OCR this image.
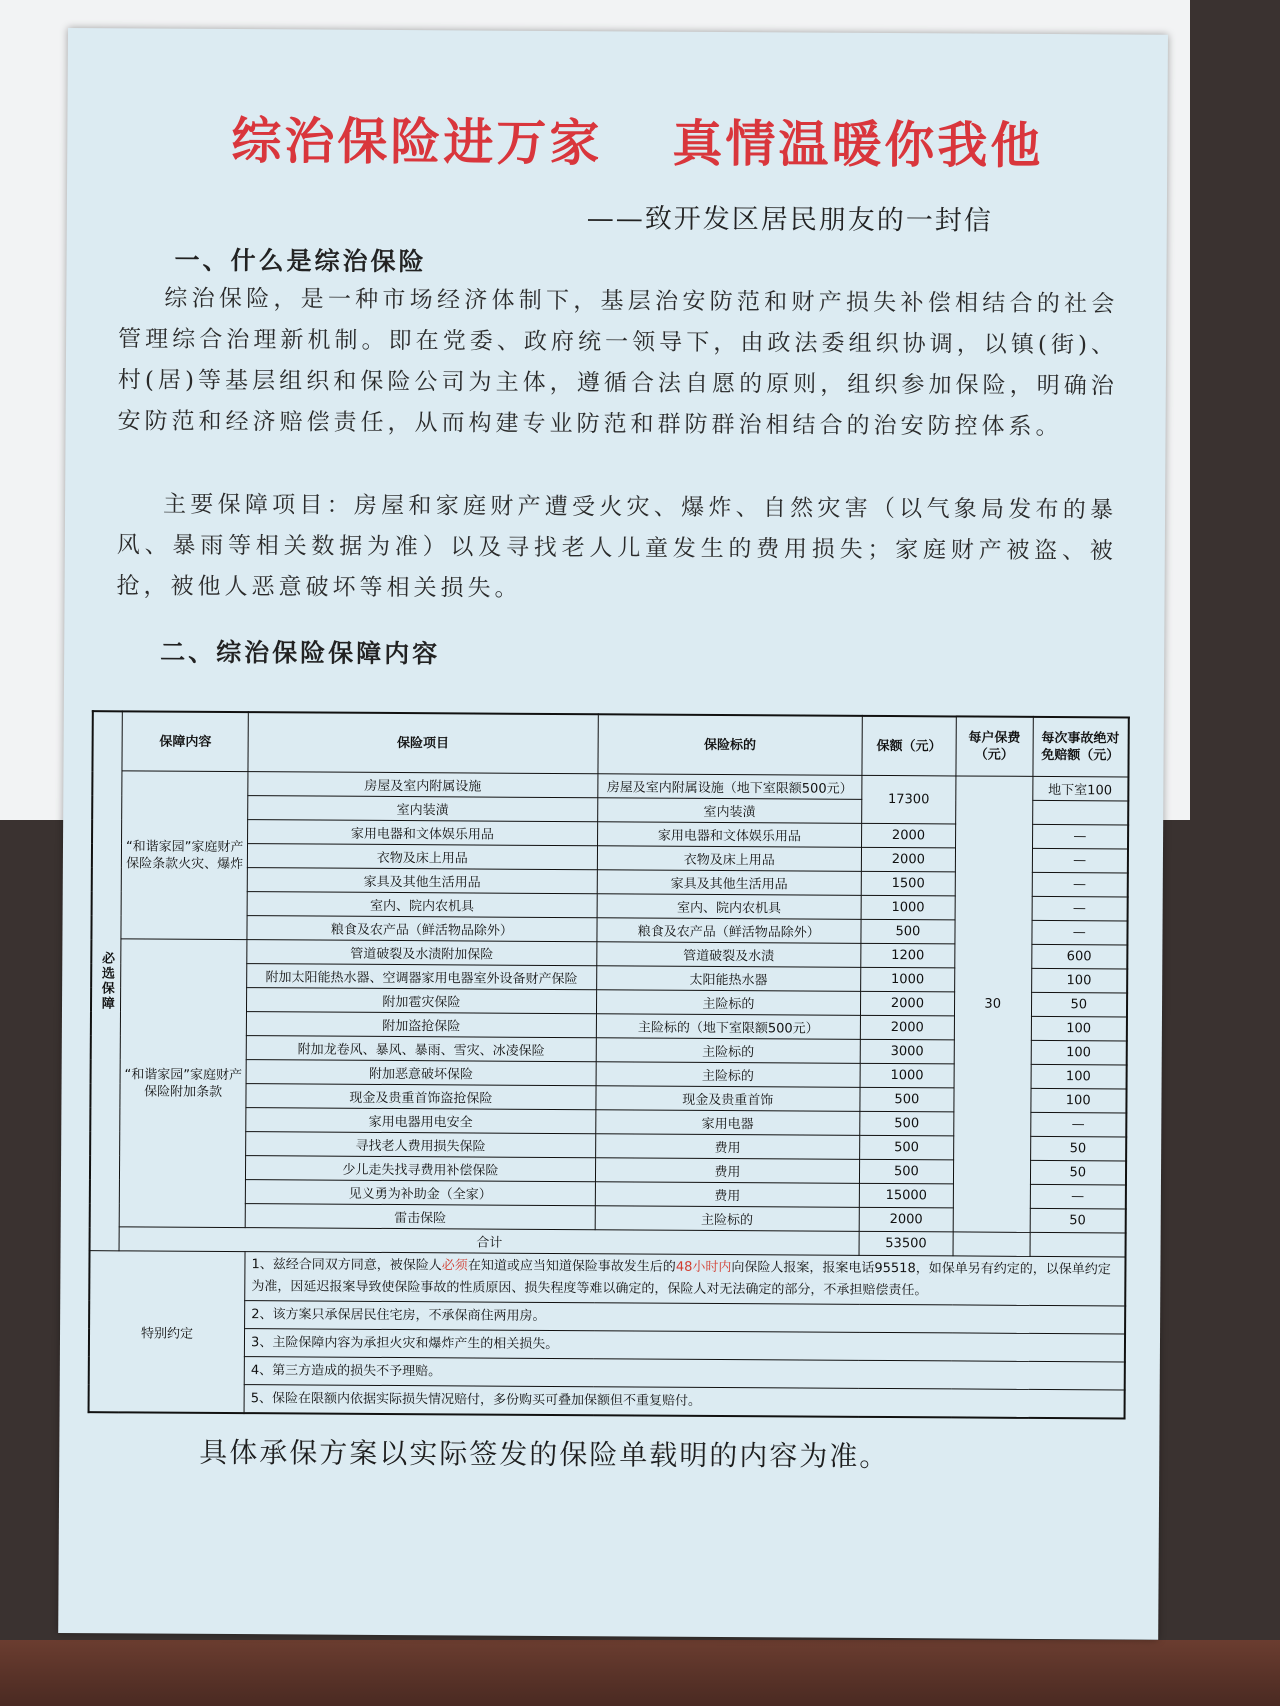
综治保险进万家 真情温暖你我他
——致开发区居民朋友的一封信
一、什么是综治保险
综治保险，是一种市场经济体制下，基层治安防范和财产损失补偿相结合的社会管理综合治理新机制。即在党委、政府统一领导下，由政法委组织协调，以镇(街)、村(居)等基层组织和保险公司为主体，遵循合法自愿的原则，组织参加保险，明确治安防范和经济赔偿责任，从而构建专业防范和群防群治相结合的治安防控体系。
主要保障项目：房屋和家庭财产遭受火灾、爆炸、自然灾害（以气象局发布的暴风、暴雨等相关数据为准）以及寻找老人儿童发生的费用损失；家庭财产被盗、被抢，被他人恶意破坏等相关损失。
二、综治保险保障内容
必选保障	保障内容	保险项目	保险标的	保额（元）	每户保费（元）	每次事故绝对免赔额（元）
	“和谐家园”家庭财产保险条款火灾、爆炸	房屋及室内附属设施	房屋及室内附属设施（地下室限额500元）	17300	30	地下室100
		室内装潢	室内装潢			
		家用电器和文体娱乐用品	家用电器和文体娱乐用品	2000		—
		衣物及床上用品	衣物及床上用品	2000		—
		家具及其他生活用品	家具及其他生活用品	1500		—
		室内、院内农机具	室内、院内农机具	1000		—
		粮食及农产品（鲜活物品除外）	粮食及农产品（鲜活物品除外）	500		—
	“和谐家园”家庭财产保险附加条款	管道破裂及水渍附加保险	管道破裂及水渍	1200		600
		附加太阳能热水器、空调器家用电器室外设备财产保险	太阳能热水器	1000		100
		附加雹灾保险	主险标的	2000		50
		附加盗抢保险	主险标的（地下室限额500元）	2000		100
		附加龙卷风、暴风、暴雨、雪灾、冰凌保险	主险标的	3000		100
		附加恶意破坏保险	主险标的	1000		100
		现金及贵重首饰盗抢保险	现金及贵重首饰	500		100
		家用电器用电安全	家用电器	500		—
		寻找老人费用损失保险	费用	500		50
		少儿走失找寻费用补偿保险	费用	500		50
		见义勇为补助金（全家）	费用	15000		—
		雷击保险	主险标的	2000		50
	合计			53500		
特别约定		1、兹经合同双方同意，被保险人必须在知道或应当知道保险事故发生后的48小时内向保险人报案，报案电话95518，如保单另有约定的，以保单约定为准，因延迟报案导致使保险事故的性质原因、损失程度等难以确定的，保险人对无法确定的部分，不承担赔偿责任。				
		2、该方案只承保居民住宅房，不承保商住两用房。				
		3、主险保障内容为承担火灾和爆炸产生的相关损失。				
		4、第三方造成的损失不予理赔。				
		5、保险在限额内依据实际损失情况赔付，多份购买可叠加保额但不重复赔付。				
具体承保方案以实际签发的保险单载明的内容为准。
